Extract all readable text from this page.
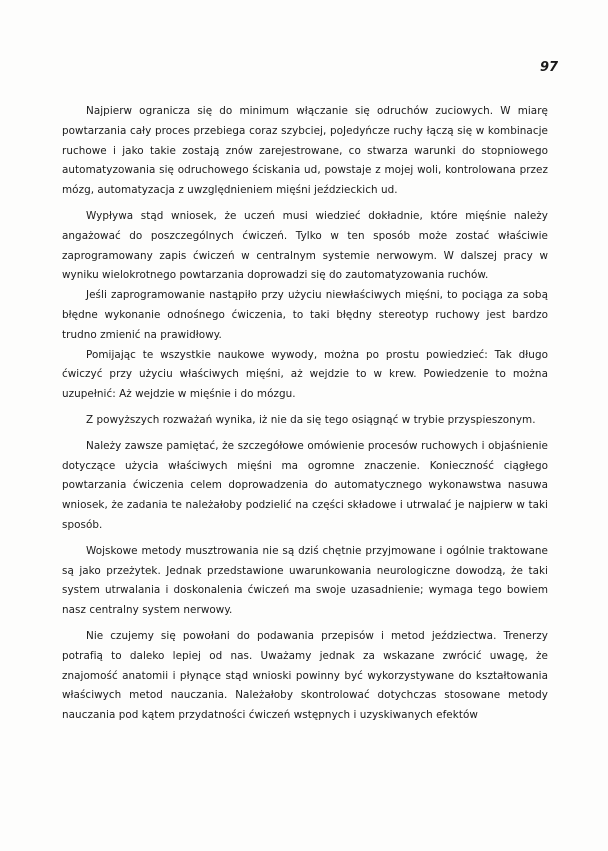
97

Najpierw ogranicza się do minimum włączanie się odruchów zuciowych. W miarę powtarzania cały proces przebiega coraz szybciej, poJedyńcze ruchy łączą się w kombinacje ruchowe i jako takie zostają znów zarejestrowane, co stwarza warunki do stopniowego automatyzowania się odruchowego ściskania ud, powstaje z mojej woli, kontrolowana przez mózg, automatyzacja z uwzględnieniem mięśni jeździeckich ud.

Wypływa stąd wniosek, że uczeń musi wiedzieć dokładnie, które mięśnie należy angażować do poszczególnych ćwiczeń. Tylko w ten sposób może zostać właściwie zaprogramowany zapis ćwiczeń w centralnym systemie nerwowym. W dalszej pracy w wyniku wielokrotnego powtarzania doprowadzi się do zautomatyzowania ruchów.

Jeśli zaprogramowanie nastąpiło przy użyciu niewłaściwych mięśni, to pociąga za sobą błędne wykonanie odnośnego ćwiczenia, to taki błędny stereotyp ruchowy jest bardzo trudno zmienić na prawidłowy.

Pomijając te wszystkie naukowe wywody, można po prostu powiedzieć: Tak długo ćwiczyć przy użyciu właściwych mięśni, aż wejdzie to w krew. Powiedzenie to można uzupełnić: Aż wejdzie w mięśnie i do mózgu.

Z powyższych rozważań wynika, iż nie da się tego osiągnąć w trybie przyspieszonym.

Należy zawsze pamiętać, że szczegółowe omówienie procesów ruchowych i objaśnienie dotyczące użycia właściwych mięśni ma ogromne znaczenie. Konieczność ciągłego powtarzania ćwiczenia celem doprowadzenia do automatycznego wykonawstwa nasuwa wniosek, że zadania te należałoby podzielić na części składowe i utrwalać je najpierw w taki sposób.

Wojskowe metody musztrowania nie są dziś chętnie przyjmowane i ogólnie traktowane są jako przeżytek. Jednak przedstawione uwarunkowania neurologiczne dowodzą, że taki system utrwalania i doskonalenia ćwiczeń ma swoje uzasadnienie; wymaga tego bowiem nasz centralny system nerwowy.

Nie czujemy się powołani do podawania przepisów i metod jeździectwa. Trenerzy potrafią to daleko lepiej od nas. Uważamy jednak za wskazane zwrócić uwagę, że znajomość anatomii i płynące stąd wnioski powinny być wykorzystywane do kształtowania właściwych metod nauczania. Należałoby skontrolować dotychczas stosowane metody nauczania pod kątem przydatności ćwiczeń wstępnych i uzyskiwanych efektów
